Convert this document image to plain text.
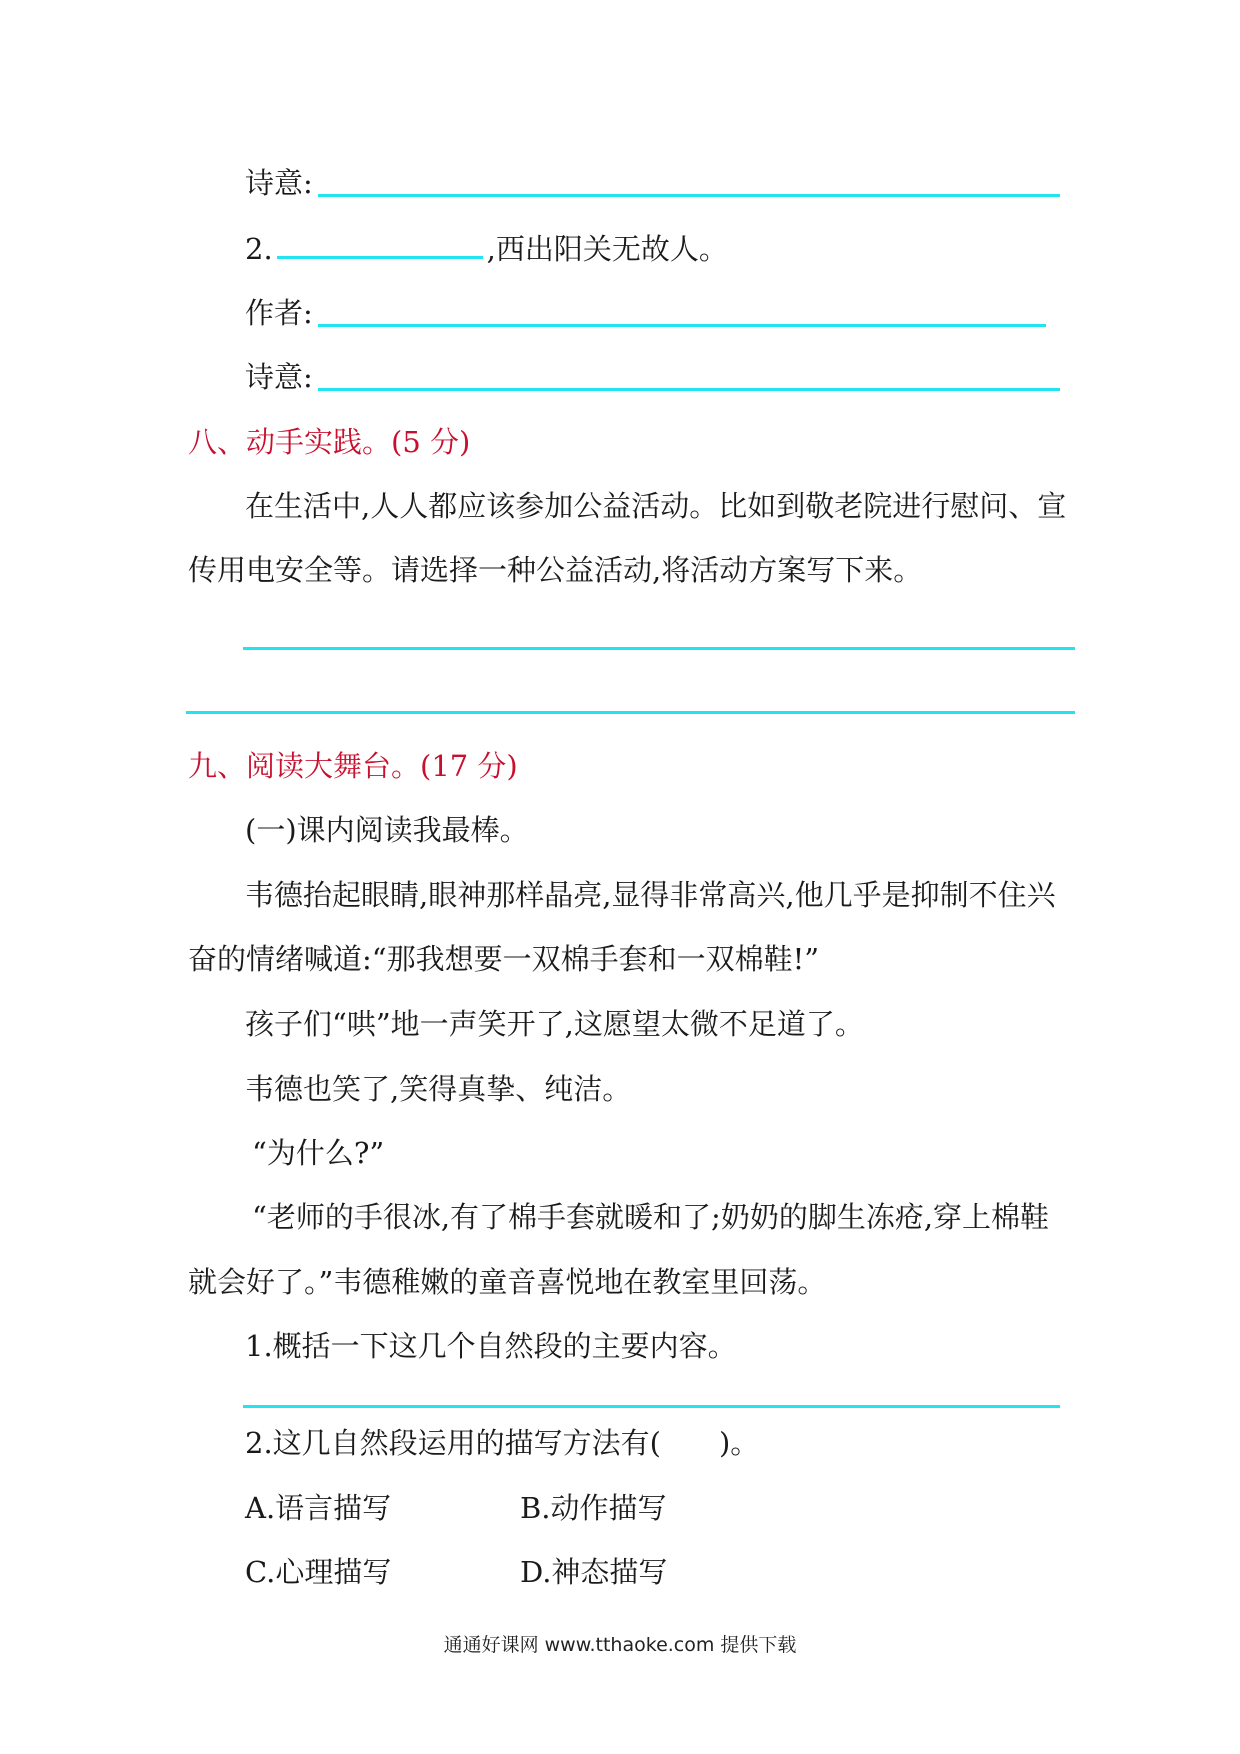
诗意:
2.	,西出阳关无故人。
作者:
诗意:
八、动手实践。(5 分)
在生活中,人人都应该参加公益活动。比如到敬老院进行慰问、宣
传用电安全等。请选择一种公益活动,将活动方案写下来。
九、阅读大舞台。(17 分)
(一)课内阅读我最棒。
韦德抬起眼睛,眼神那样晶亮,显得非常高兴,他几乎是抑制不住兴
奋的情绪喊道:“那我想要一双棉手套和一双棉鞋!”
孩子们“哄”地一声笑开了,这愿望太微不足道了。
韦德也笑了,笑得真挚、纯洁。
“为什么?”
“老师的手很冰,有了棉手套就暖和了;奶奶的脚生冻疮,穿上棉鞋
就会好了。”韦德稚嫩的童音喜悦地在教室里回荡。
1.概括一下这几个自然段的主要内容。
2.这几自然段运用的描写方法有(　　)。
A.语言描写	B.动作描写
C.心理描写	D.神态描写
通通好课网 www.tthaoke.com 提供下载
